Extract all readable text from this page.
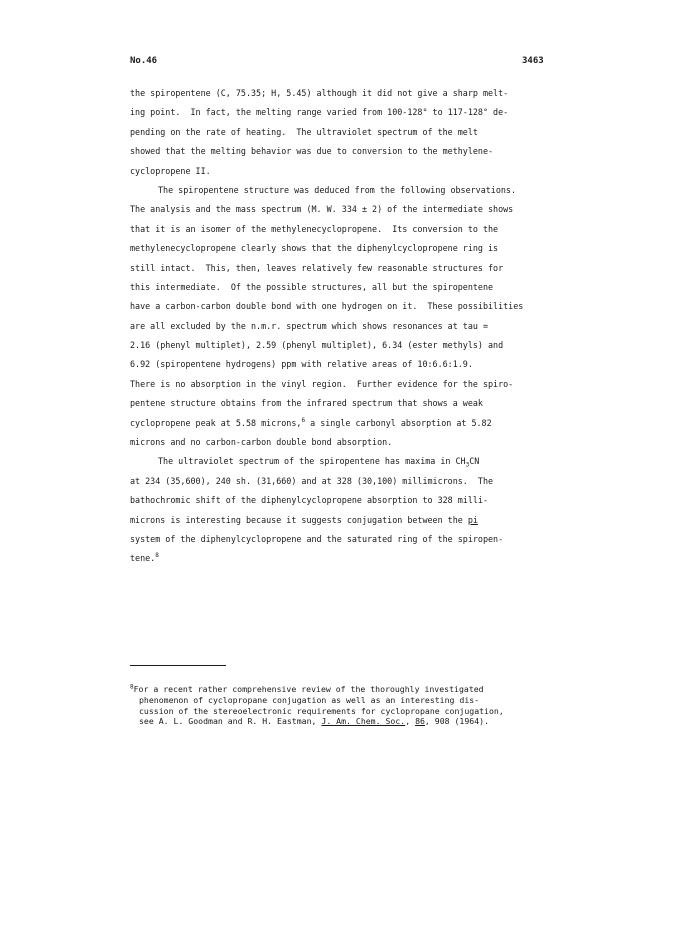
No.46	3463
the spiropentene (C, 75.35; H, 5.45) although it did not give a sharp melt-
ing point.  In fact, the melting range varied from 100-128° to 117-128° de-
pending on the rate of heating.  The ultraviolet spectrum of the melt
showed that the melting behavior was due to conversion to the methylene-
cyclopropene II.
The spiropentene structure was deduced from the following observations.
The analysis and the mass spectrum (M. W. 334 ± 2) of the intermediate shows
that it is an isomer of the methylenecyclopropene.  Its conversion to the
methylenecyclopropene clearly shows that the diphenylcyclopropene ring is
still intact.  This, then, leaves relatively few reasonable structures for
this intermediate.  Of the possible structures, all but the spiropentene
have a carbon-carbon double bond with one hydrogen on it.  These possibilities
are all excluded by the n.m.r. spectrum which shows resonances at tau =
2.16 (phenyl multiplet), 2.59 (phenyl multiplet), 6.34 (ester methyls) and
6.92 (spiropentene hydrogens) ppm with relative areas of 10:6.6:1.9.
There is no absorption in the vinyl region.  Further evidence for the spiro-
pentene structure obtains from the infrared spectrum that shows a weak
cyclopropene peak at 5.58 microns,$^6$ a single carbonyl absorption at 5.82
microns and no carbon-carbon double bond absorption.
The ultraviolet spectrum of the spiropentene has maxima in $CH_3CN$
at 234 (35,600), 240 sh. (31,660) and at 328 (30,100) millimicrons.  The
bathochromic shift of the diphenylcyclopropene absorption to 328 milli-
microns is interesting because it suggests conjugation between the pi
system of the diphenylcyclopropene and the saturated ring of the spiropen-
tene.$^8$
$^8$For a recent rather comprehensive review of the thoroughly investigated
phenomenon of cyclopropane conjugation as well as an interesting dis-
cussion of the stereoelectronic requirements for cyclopropane conjugation,
see A. L. Goodman and R. H. Eastman, J. Am. Chem. Soc., 86, 908 (1964).
